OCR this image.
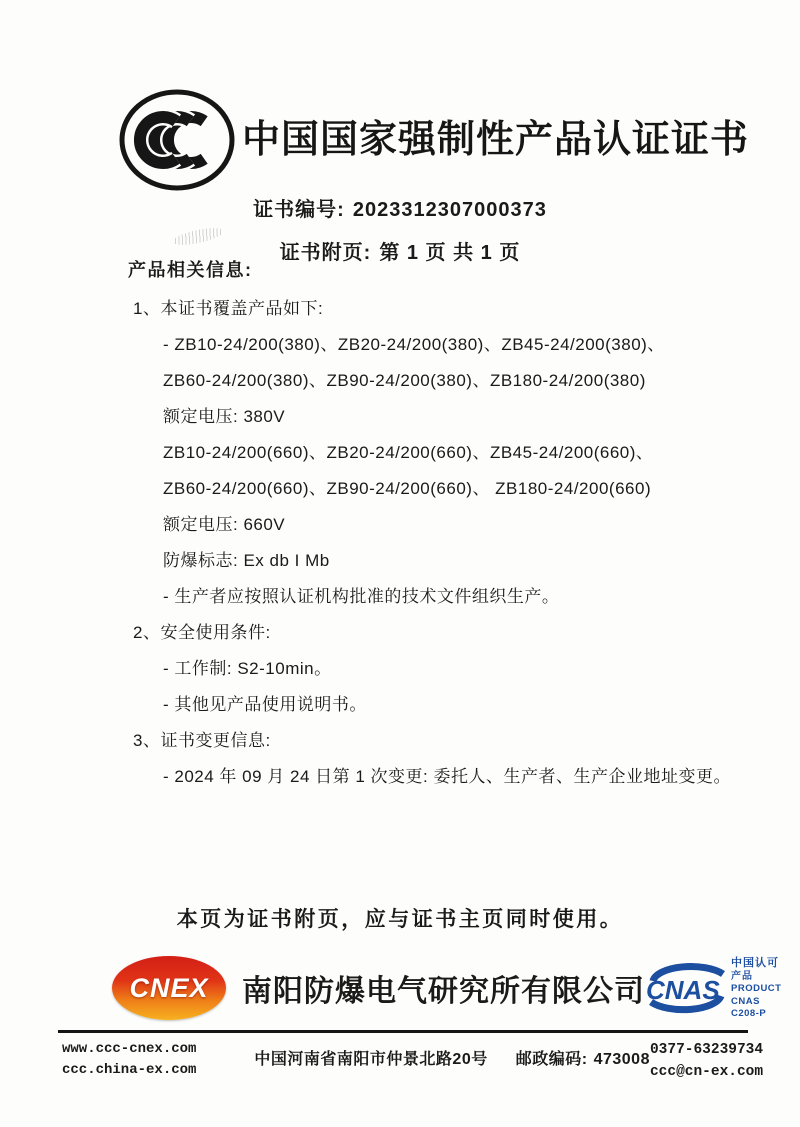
中国国家强制性产品认证证书
证书编号: 2023312307000373
证书附页: 第 1 页 共 1 页
产品相关信息:
1、本证书覆盖产品如下:
- ZB10-24/200(380)、ZB20-24/200(380)、ZB45-24/200(380)、
ZB60-24/200(380)、ZB90-24/200(380)、ZB180-24/200(380)
额定电压: 380V
ZB10-24/200(660)、ZB20-24/200(660)、ZB45-24/200(660)、
ZB60-24/200(660)、ZB90-24/200(660)、 ZB180-24/200(660)
额定电压: 660V
防爆标志: Ex db I Mb
- 生产者应按照认证机构批准的技术文件组织生产。
2、安全使用条件:
- 工作制: S2-10min。
- 其他见产品使用说明书。
3、证书变更信息:
- 2024 年 09 月 24 日第 1 次变更: 委托人、生产者、生产企业地址变更。
本页为证书附页，应与证书主页同时使用。
CNEX 南阳防爆电气研究所有限公司 CNAS
中国认可
产品
PRODUCT
CNAS C208-P
www.ccc-cnex.com
ccc.china-ex.com
中国河南省南阳市仲景北路20号 邮政编码: 473008
0377-63239734
ccc@cn-ex.com
